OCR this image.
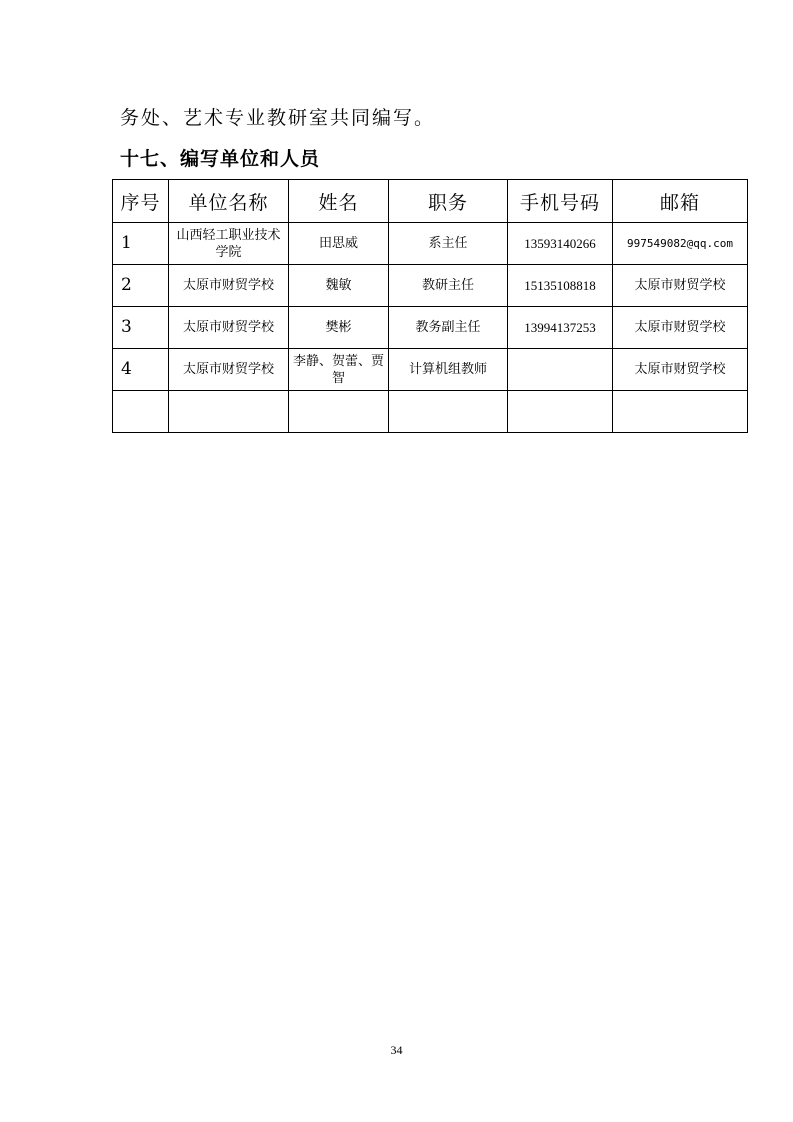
务处、艺术专业教研室共同编写。
十七、编写单位和人员
序号	单位名称	姓名	职务	手机号码	邮箱
1	山西轻工职业技术学院	田思威	系主任	13593140266	997549082@qq.com
2	太原市财贸学校	魏敏	教研主任	15135108818	太原市财贸学校
3	太原市财贸学校	樊彬	教务副主任	13994137253	太原市财贸学校
4	太原市财贸学校	李静、贺蕾、贾智	计算机组教师		太原市财贸学校

34
